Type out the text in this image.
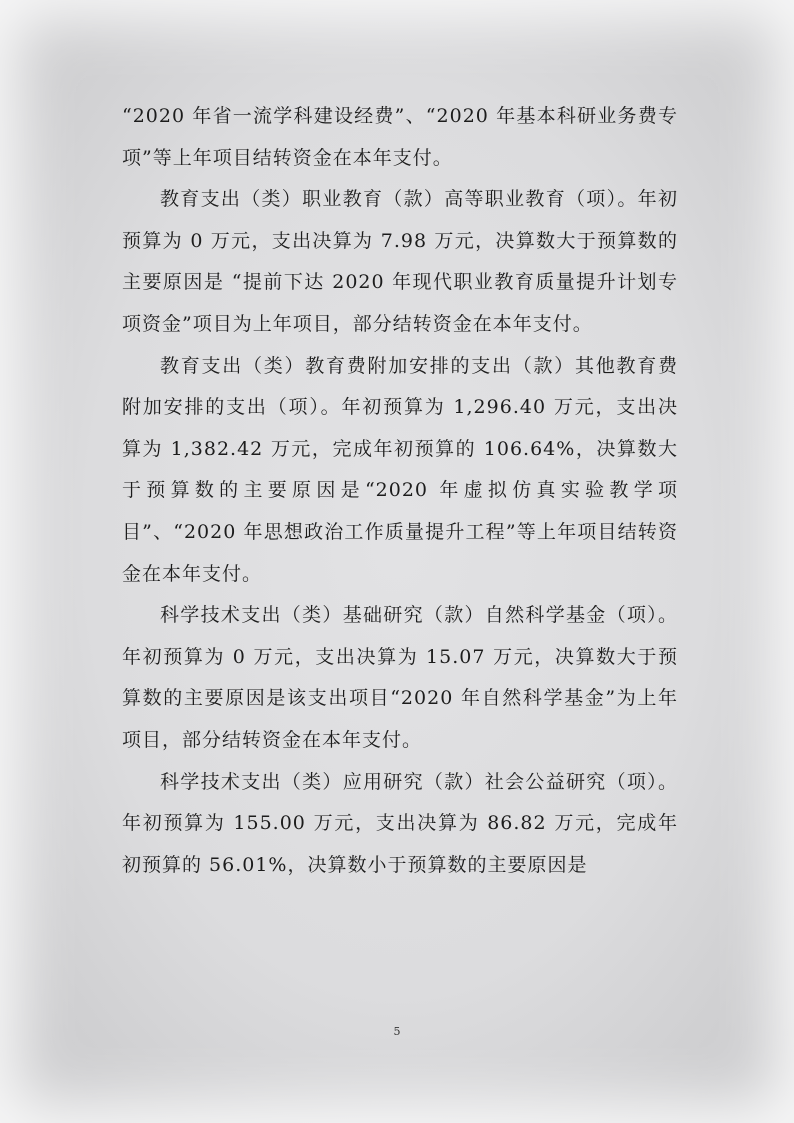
“2020 年省一流学科建设经费”、“2020 年基本科研业务费专项”等上年项目结转资金在本年支付。

教育支出（类）职业教育（款）高等职业教育（项）。年初预算为 0 万元，支出决算为 7.98 万元，决算数大于预算数的主要原因是 “提前下达 2020 年现代职业教育质量提升计划专项资金”项目为上年项目，部分结转资金在本年支付。

教育支出（类）教育费附加安排的支出（款）其他教育费附加安排的支出（项）。年初预算为 1,296.40 万元，支出决算为 1,382.42 万元，完成年初预算的 106.64%，决算数大于预算数的主要原因是“2020 年虚拟仿真实验教学项目”、“2020 年思想政治工作质量提升工程”等上年项目结转资金在本年支付。

科学技术支出（类）基础研究（款）自然科学基金（项）。年初预算为 0 万元，支出决算为 15.07 万元，决算数大于预算数的主要原因是该支出项目“2020 年自然科学基金”为上年项目，部分结转资金在本年支付。

科学技术支出（类）应用研究（款）社会公益研究（项）。年初预算为 155.00 万元，支出决算为 86.82 万元，完成年初预算的 56.01%，决算数小于预算数的主要原因是

5
